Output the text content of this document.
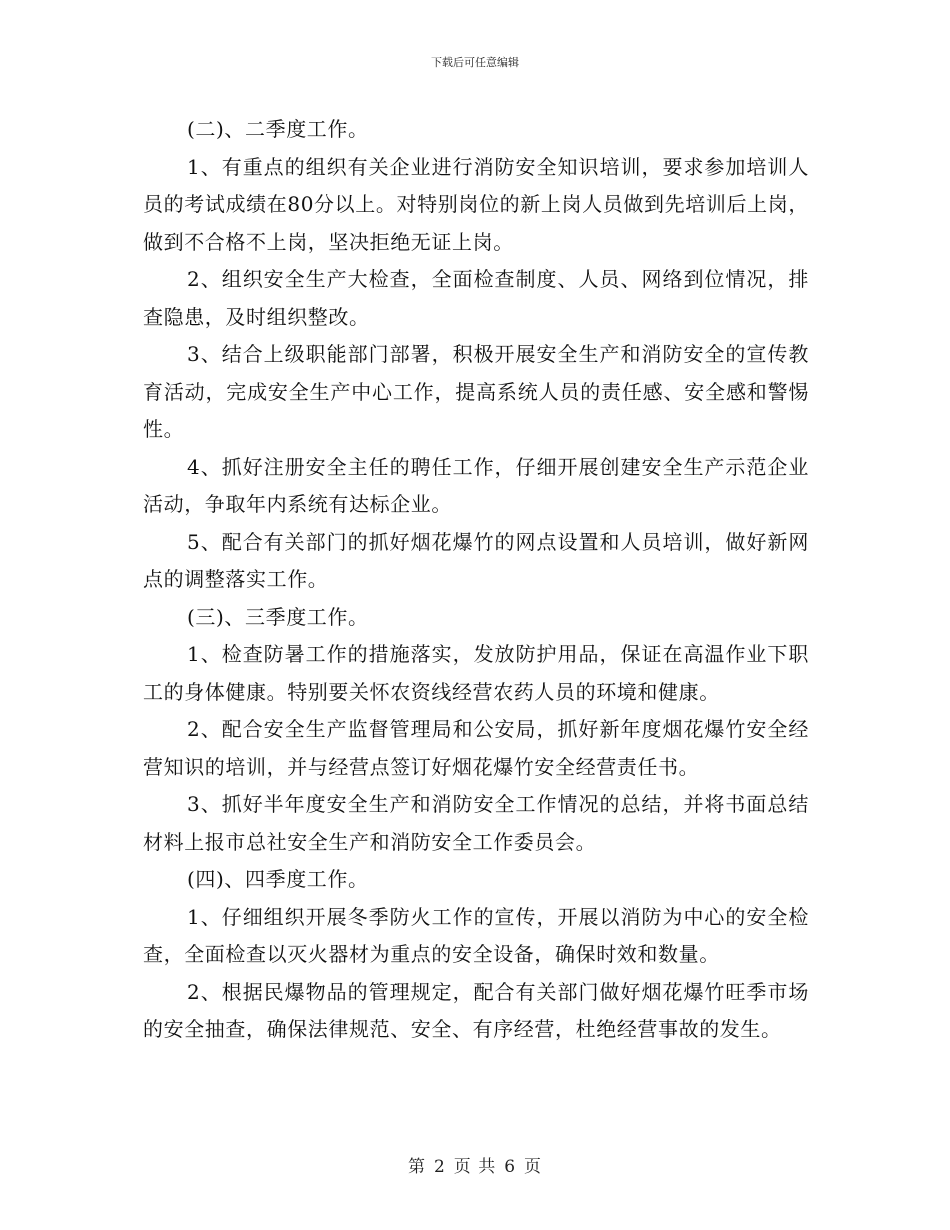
下载后可任意编辑

(二)、二季度工作。

1、有重点的组织有关企业进行消防安全知识培训，要求参加培训人员的考试成绩在80分以上。对特别岗位的新上岗人员做到先培训后上岗，做到不合格不上岗，坚决拒绝无证上岗。

2、组织安全生产大检查，全面检查制度、人员、网络到位情况，排查隐患，及时组织整改。

3、结合上级职能部门部署，积极开展安全生产和消防安全的宣传教育活动，完成安全生产中心工作，提高系统人员的责任感、安全感和警惕性。

4、抓好注册安全主任的聘任工作，仔细开展创建安全生产示范企业活动，争取年内系统有达标企业。

5、配合有关部门的抓好烟花爆竹的网点设置和人员培训，做好新网点的调整落实工作。

(三)、三季度工作。

1、检查防暑工作的措施落实，发放防护用品，保证在高温作业下职工的身体健康。特别要关怀农资线经营农药人员的环境和健康。

2、配合安全生产监督管理局和公安局，抓好新年度烟花爆竹安全经营知识的培训，并与经营点签订好烟花爆竹安全经营责任书。

3、抓好半年度安全生产和消防安全工作情况的总结，并将书面总结材料上报市总社安全生产和消防安全工作委员会。

(四)、四季度工作。

1、仔细组织开展冬季防火工作的宣传，开展以消防为中心的安全检查，全面检查以灭火器材为重点的安全设备，确保时效和数量。

2、根据民爆物品的管理规定，配合有关部门做好烟花爆竹旺季市场的安全抽查，确保法律规范、安全、有序经营，杜绝经营事故的发生。

第 2 页 共 6 页
